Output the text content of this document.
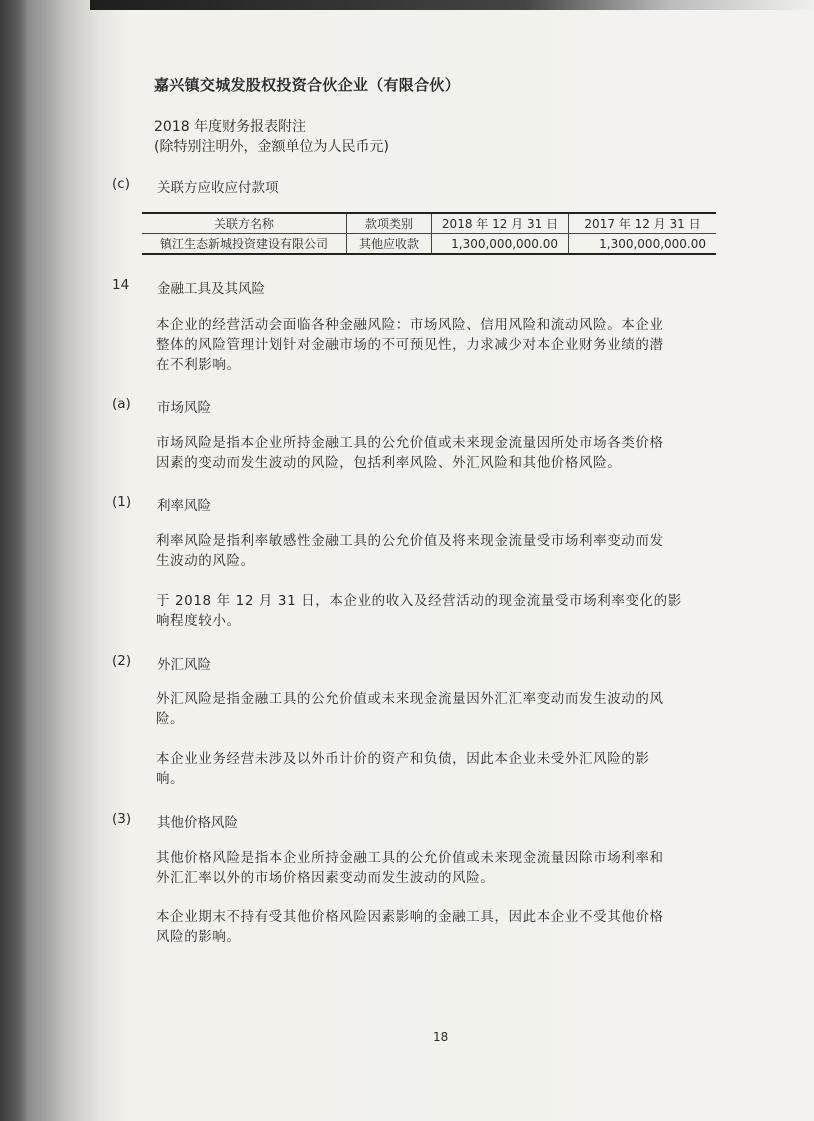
嘉兴镇交城发股权投资合伙企业（有限合伙）
2018 年度财务报表附注
(除特别注明外，金额单位为人民币元)
(c) 关联方应收应付款项
关联方名称	款项类别	2018 年 12 月 31 日	2017 年 12 月 31 日
镇江生态新城投资建设有限公司	其他应收款	1,300,000,000.00	1,300,000,000.00
14 金融工具及其风险
本企业的经营活动会面临各种金融风险：市场风险、信用风险和流动风险。本企业
整体的风险管理计划针对金融市场的不可预见性，力求减少对本企业财务业绩的潜
在不利影响。
(a) 市场风险
市场风险是指本企业所持金融工具的公允价值或未来现金流量因所处市场各类价格
因素的变动而发生波动的风险，包括利率风险、外汇风险和其他价格风险。
(1) 利率风险
利率风险是指利率敏感性金融工具的公允价值及将来现金流量受市场利率变动而发
生波动的风险。
于 2018 年 12 月 31 日，本企业的收入及经营活动的现金流量受市场利率变化的影
响程度较小。
(2) 外汇风险
外汇风险是指金融工具的公允价值或未来现金流量因外汇汇率变动而发生波动的风
险。
本企业业务经营未涉及以外币计价的资产和负债，因此本企业未受外汇风险的影
响。
(3) 其他价格风险
其他价格风险是指本企业所持金融工具的公允价值或未来现金流量因除市场利率和
外汇汇率以外的市场价格因素变动而发生波动的风险。
本企业期末不持有受其他价格风险因素影响的金融工具，因此本企业不受其他价格
风险的影响。
18
